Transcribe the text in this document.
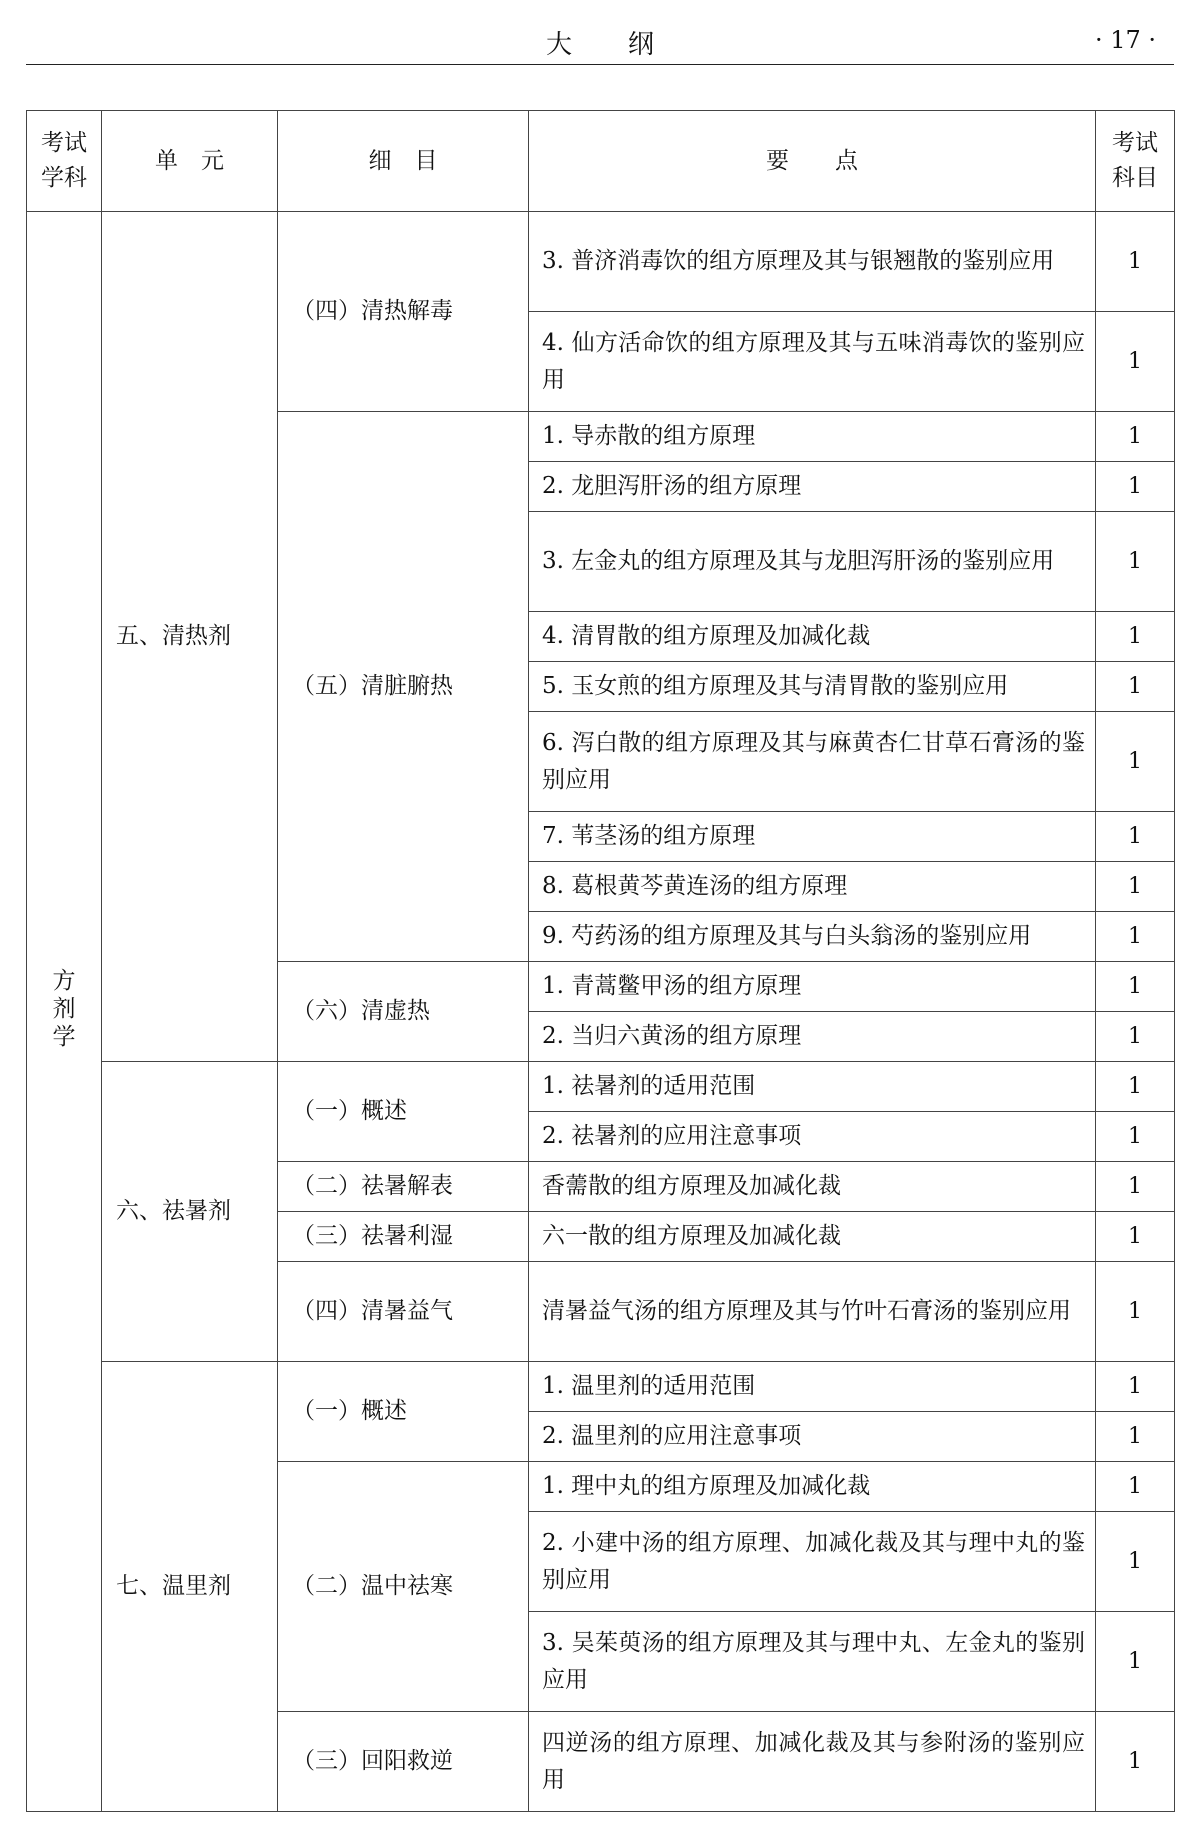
大纲	· 17 ·
考试学科	单　元	细　目	要　　点	考试科目
方剂学	五、清热剂	（四）清热解毒	3. 普济消毒饮的组方原理及其与银翘散的鉴别应用	1
			4. 仙方活命饮的组方原理及其与五味消毒饮的鉴别应用	1
		（五）清脏腑热	1. 导赤散的组方原理	1
			2. 龙胆泻肝汤的组方原理	1
			3. 左金丸的组方原理及其与龙胆泻肝汤的鉴别应用	1
			4. 清胃散的组方原理及加减化裁	1
			5. 玉女煎的组方原理及其与清胃散的鉴别应用	1
			6. 泻白散的组方原理及其与麻黄杏仁甘草石膏汤的鉴别应用	1
			7. 苇茎汤的组方原理	1
			8. 葛根黄芩黄连汤的组方原理	1
			9. 芍药汤的组方原理及其与白头翁汤的鉴别应用	1
		（六）清虚热	1. 青蒿鳖甲汤的组方原理	1
			2. 当归六黄汤的组方原理	1
	六、祛暑剂	（一）概述	1. 祛暑剂的适用范围	1
			2. 祛暑剂的应用注意事项	1
		（二）祛暑解表	香薷散的组方原理及加减化裁	1
		（三）祛暑利湿	六一散的组方原理及加减化裁	1
		（四）清暑益气	清暑益气汤的组方原理及其与竹叶石膏汤的鉴别应用	1
	七、温里剂	（一）概述	1. 温里剂的适用范围	1
			2. 温里剂的应用注意事项	1
		（二）温中祛寒	1. 理中丸的组方原理及加减化裁	1
			2. 小建中汤的组方原理、加减化裁及其与理中丸的鉴别应用	1
			3. 吴茱萸汤的组方原理及其与理中丸、左金丸的鉴别应用	1
		（三）回阳救逆	四逆汤的组方原理、加减化裁及其与参附汤的鉴别应用	1
